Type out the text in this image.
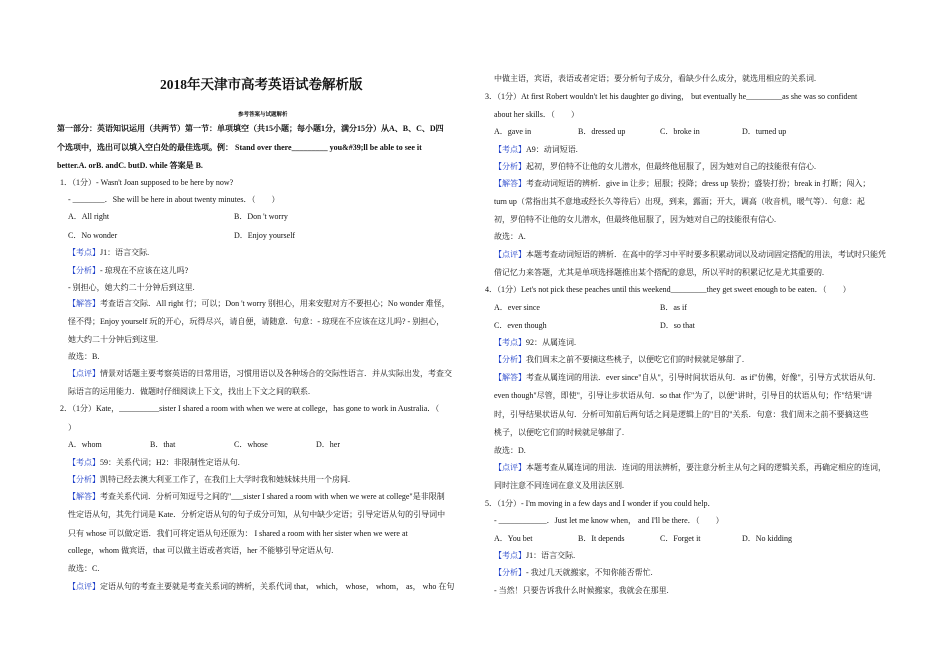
2018年天津市高考英语试卷解析版
参考答案与试题解析
第一部分：英语知识运用（共两节）第一节：单项填空（共15小题；每小题1分，满分15分）从A、B、C、D四
个选项中，选出可以填入空白处的最佳选项。例： Stand over there_________ you&#39;ll be able to see it
better.A. orB. andC. butD. while 答案是 B.
1．（1分）- Wasn't Joan supposed to be here by now?
- ________．She will be here in about twenty minutes．（　　）
A．All right	B．Don 't worry
C．No wonder	D．Enjoy yourself
【考点】J1：语言交际.
【分析】- 琼现在不应该在这儿吗?
- 别担心，她大约二十分钟后到这里.
【解答】考查语言交际．All right 行；可以；Don 't worry 别担心，用来安慰对方不要担心；No wonder 难怪，
怪不得；Enjoy yourself 玩的开心，玩得尽兴，请自便，请随意．句意：- 琼现在不应该在这儿吗? - 别担心，
她大约二十分钟后到这里.
故选：B.
【点评】情景对话题主要考察英语的日常用语，习惯用语以及各种场合的交际性语言．并从实际出发，考查交
际语言的运用能力．做题时仔细阅读上下文，找出上下文之间的联系.
2．（1分）Kate，__________sister I shared a room with when we were at college，has gone to work in Australia．（
）
A．whom	B．that	C．whose	D．her
【考点】59：关系代词；H2：非限制性定语从句.
【分析】凯特已经去澳大利亚工作了，在我们上大学时我和她妹妹共用一个房间.
【解答】考查关系代词．分析可知逗号之间的"___sister I shared a room with when we were at college"是非限制
性定语从句，其先行词是 Kate．分析定语从句的句子成分可知，从句中缺少定语；引导定语从句的引导词中
只有 whose 可以做定语．我们可将定语从句还原为： I shared a room with her sister when we were at
college，whom 做宾语，that 可以做主语或者宾语，her 不能够引导定语从句.
故选：C.
【点评】定语从句的考查主要就是考查关系词的辨析，关系代词 that， which， whose， whom， as， who 在句
中做主语，宾语，表语或者定语；要分析句子成分，看缺少什么成分，就选用相应的关系词.
3．（1分）At first Robert wouldn't let his daughter go diving， but eventually he_________as she was so confident
about her skills．（　　）
A．gave in	B．dressed up	C．broke in	D．turned up
【考点】A9：动词短语.
【分析】起初，罗伯特不让他的女儿潜水，但最终他屈服了，因为她对自己的技能很有信心.
【解答】考查动词短语的辨析．give in 让步；屈服；投降；dress up 装扮；盛装打扮；break in 打断；闯入；
turn up（常指出其不意地或经长久等待后）出现，到来，露面；开大，调高（收音机，暖气等）．句意：起
初，罗伯特不让他的女儿潜水，但最终他屈服了，因为她对自己的技能很有信心.
故选：A.
【点评】本题考查动词短语的辨析．在高中的学习中平时要多积累动词以及动词固定搭配的用法，考试时只能凭
借记忆力来答题，尤其是单项选择题推出某个搭配的意思，所以平时的积累记忆是尤其重要的.
4．（1分）Let's not pick these peaches until this weekend_________they get sweet enough to be eaten．（　　）
A．ever since	B．as if
C．even though	D．so that
【考点】92：从属连词.
【分析】我们周末之前不要摘这些桃子，以便吃它们的时候就足够甜了.
【解答】考查从属连词的用法．ever since"自从"，引导时间状语从句．as if"仿佛，好像"，引导方式状语从句．
even though"尽管，即使"，引导让步状语从句．so that 作"为了，以便"讲时，引导目的状语从句；作"结果"讲
时，引导结果状语从句．分析可知前后两句话之间是逻辑上的"目的"关系．句意：我们周末之前不要摘这些
桃子，以便吃它们的时候就足够甜了.
故选：D.
【点评】本题考查从属连词的用法．连词的用法辨析，要注意分析主从句之间的逻辑关系，再确定相应的连词，
同时注意不同连词在意义及用法区别.
5．（1分）- I'm moving in a few days and I wonder if you could help．
- ____________．Just let me know when， and I'll be there．（　　）
A．You bet	B．It depends	C．Forget it	D．No kidding
【考点】J1：语言交际.
【分析】- 我过几天就搬家，不知你能否帮忙.
- 当然！只要告诉我什么时候搬家，我就会在那里.
